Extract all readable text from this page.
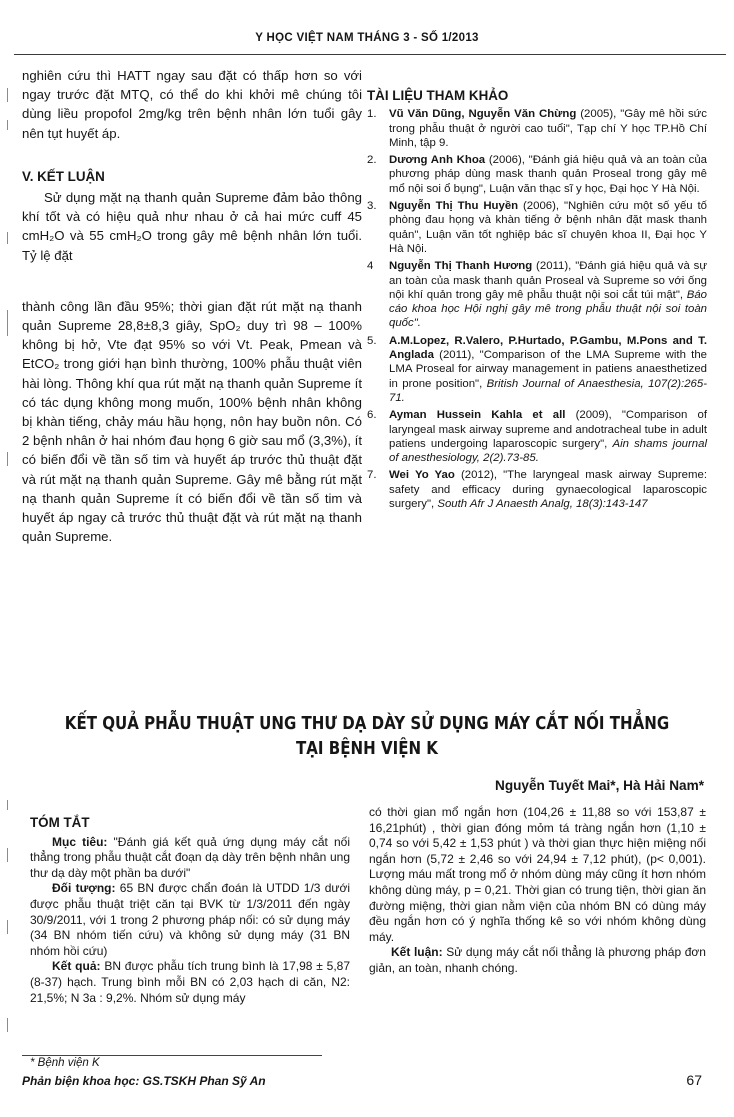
Y HỌC VIỆT NAM THÁNG 3 - SỐ 1/2013

nghiên cứu thì HATT ngay sau đặt có thấp hơn so với ngay trước đặt MTQ, có thể do khi khởi mê chúng tôi dùng liều propofol 2mg/kg trên bệnh nhân lớn tuổi gây nên tụt huyết áp.

V. KẾT LUẬN

Sử dụng mặt nạ thanh quản Supreme đảm bảo thông khí tốt và có hiệu quả như nhau ở cả hai mức cuff 45 cmH₂O và 55 cmH₂O trong gây mê bệnh nhân lớn tuổi. Tỷ lệ đặt

thành công lần đầu 95%; thời gian đặt rút mặt nạ thanh quản Supreme 28,8±8,3 giây, SpO₂ duy trì 98 – 100% không bị hở, Vte đạt 95% so với Vt. Peak, Pmean và EtCO₂ trong giới hạn bình thường, 100% phẫu thuật viên hài lòng. Thông khí qua rút mặt nạ thanh quản Supreme ít có tác dụng không mong muốn, 100% bệnh nhân không bị khàn tiếng, chảy máu hầu họng, nôn hay buồn nôn. Có 2 bệnh nhân ở hai nhóm đau họng 6 giờ sau mổ (3,3%), ít có biến đổi về tần số tim và huyết áp trước thủ thuật đặt và rút mặt nạ thanh quản Supreme. Gây mê bằng rút mặt nạ thanh quản Supreme ít có biến đổi về tần số tim và huyết áp ngay cả trước thủ thuật đặt và rút mặt nạ thanh quản Supreme.

TÀI LIỆU THAM KHẢO
1.	Vũ Văn Dũng, Nguyễn Văn Chừng (2005), "Gây mê hồi sức trong phẫu thuật ở người cao tuổi", Tạp chí Y học TP.Hồ Chí Minh, tập 9.
2.	Dương Anh Khoa (2006), "Đánh giá hiệu quả và an toàn của phương pháp dùng mask thanh quản Proseal trong gây mê mổ nội soi ổ bụng", Luận văn thạc sĩ y học, Đại học Y Hà Nội.
3.	Nguyễn Thị Thu Huyền (2006), "Nghiên cứu một số yếu tố phòng đau họng và khàn tiếng ở bệnh nhân đặt mask thanh quản", Luận văn tốt nghiệp bác sĩ chuyên khoa II, Đại học Y Hà Nội.
4	Nguyễn Thị Thanh Hương (2011), "Đánh giá hiệu quả và sự an toàn của mask thanh quản Proseal và Supreme so với ống nội khí quản trong gây mê phẫu thuật nội soi cắt túi mật", Báo cáo khoa học Hội nghị gây mê trong phẫu thuật nội soi toàn quốc".
5.	A.M.Lopez, R.Valero, P.Hurtado, P.Gambu, M.Pons and T. Anglada (2011), "Comparison of the LMA Supreme with the LMA Proseal for airway management in patiens anaesthetized in prone position", British Journal of Anaesthesia, 107(2):265-71.
6.	Ayman Hussein Kahla et all (2009), "Comparison of laryngeal mask airway supreme and andotracheal tube in adult patiens undergoing laparoscopic surgery", Ain shams journal of anesthesiology, 2(2).73-85.
7.	Wei Yo Yao (2012), "The laryngeal mask airway Supreme: safety and efficacy during gynaecological laparoscopic surgery", South Afr J Anaesth Analg, 18(3):143-147
KẾT QUẢ PHẪU THUẬT UNG THƯ DẠ DÀY SỬ DỤNG MÁY CẮT NỐI THẲNG
TẠI BỆNH VIỆN K
Nguyễn Tuyết Mai*, Hà Hải Nam*
TÓM TẮT

Mục tiêu: "Đánh giá kết quả ứng dụng máy cắt nối thẳng trong phẫu thuật cắt đoạn dạ dày trên bệnh nhân ung thư dạ dày một phần ba dưới"

Đối tượng: 65 BN được chẩn đoán là UTDD 1/3 dưới được phẫu thuật triệt căn tại BVK từ 1/3/2011 đến ngày 30/9/2011, với 1 trong 2 phương pháp nối: có sử dụng máy (34 BN nhóm tiến cứu) và không sử dụng máy (31 BN nhóm hồi cứu)

Kết quả: BN được phẫu tích trung bình là 17,98 ± 5,87 (8-37) hạch. Trung bình mỗi BN có 2,03 hạch di căn, N2: 21,5%; N 3a : 9,2%. Nhóm sử dụng máy

có thời gian mổ ngắn hơn (104,26 ± 11,88 so với 153,87 ± 16,21phút) , thời gian đóng mỏm tá tràng ngắn hơn (1,10 ± 0,74 so với 5,42 ± 1,53 phút ) và thời gian thực hiện miệng nối ngắn hơn (5,72 ± 2,46 so với 24,94 ± 7,12 phút), (p< 0,001). Lượng máu mất trong mổ ở nhóm dùng máy cũng ít hơn nhóm không dùng máy, p = 0,21. Thời gian có trung tiện, thời gian ăn đường miệng, thời gian nằm viện của nhóm BN có dùng máy đều ngắn hơn có ý nghĩa thống kê so với nhóm không dùng máy.

Kết luận: Sử dụng máy cắt nối thẳng là phương pháp đơn giản, an toàn, nhanh chóng.

* Bệnh viện K
Phản biện khoa học: GS.TSKH Phan Sỹ An	67
